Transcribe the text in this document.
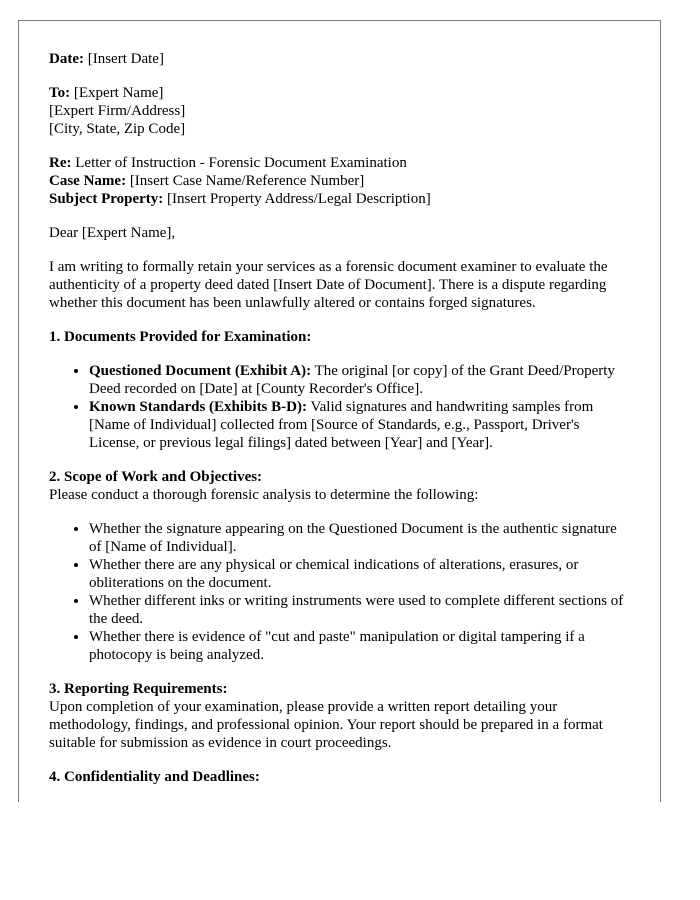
Date: [Insert Date]
To: [Expert Name]
[Expert Firm/Address]
[City, State, Zip Code]
Re: Letter of Instruction - Forensic Document Examination
Case Name: [Insert Case Name/Reference Number]
Subject Property: [Insert Property Address/Legal Description]

Dear [Expert Name],

I am writing to formally retain your services as a forensic document examiner to evaluate the authenticity of a property deed dated [Insert Date of Document]. There is a dispute regarding whether this document has been unlawfully altered or contains forged signatures.

1. Documents Provided for Examination:
• Questioned Document (Exhibit A): The original [or copy] of the Grant Deed/Property Deed recorded on [Date] at [County Recorder's Office].
• Known Standards (Exhibits B-D): Valid signatures and handwriting samples from [Name of Individual] collected from [Source of Standards, e.g., Passport, Driver's License, or previous legal filings] dated between [Year] and [Year].
2. Scope of Work and Objectives:

Please conduct a thorough forensic analysis to determine the following:

• Whether the signature appearing on the Questioned Document is the authentic signature of [Name of Individual].
• Whether there are any physical or chemical indications of alterations, erasures, or obliterations on the document.
• Whether different inks or writing instruments were used to complete different sections of the deed.
• Whether there is evidence of "cut and paste" manipulation or digital tampering if a photocopy is being analyzed.
3. Reporting Requirements:

Upon completion of your examination, please provide a written report detailing your methodology, findings, and professional opinion. Your report should be prepared in a format suitable for submission as evidence in court proceedings.

4. Confidentiality and Deadlines:
